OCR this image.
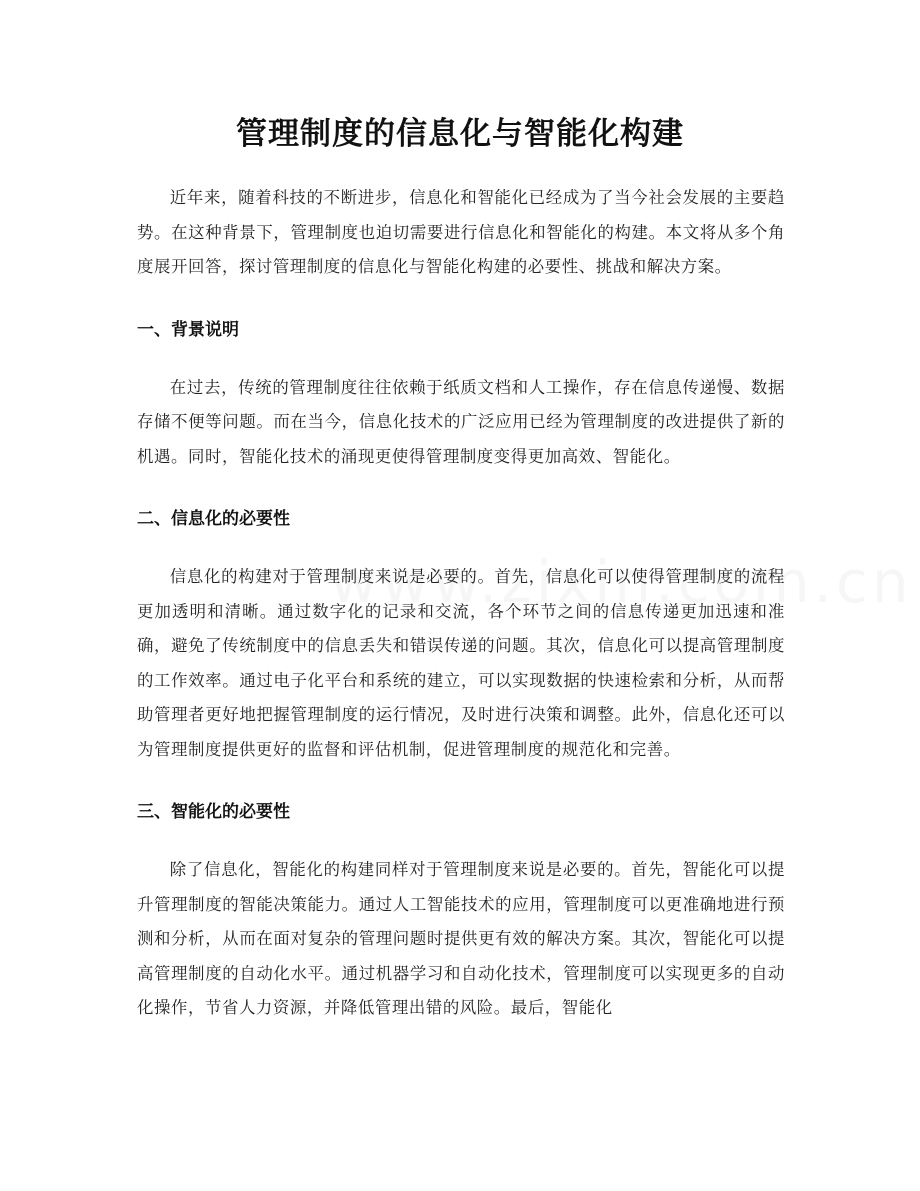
管理制度的信息化与智能化构建

近年来，随着科技的不断进步，信息化和智能化已经成为了当今社会发展的主要趋势。在这种背景下，管理制度也迫切需要进行信息化和智能化的构建。本文将从多个角度展开回答，探讨管理制度的信息化与智能化构建的必要性、挑战和解决方案。

一、背景说明

在过去，传统的管理制度往往依赖于纸质文档和人工操作，存在信息传递慢、数据存储不便等问题。而在当今，信息化技术的广泛应用已经为管理制度的改进提供了新的机遇。同时，智能化技术的涌现更使得管理制度变得更加高效、智能化。

二、信息化的必要性

信息化的构建对于管理制度来说是必要的。首先，信息化可以使得管理制度的流程更加透明和清晰。通过数字化的记录和交流，各个环节之间的信息传递更加迅速和准确，避免了传统制度中的信息丢失和错误传递的问题。其次，信息化可以提高管理制度的工作效率。通过电子化平台和系统的建立，可以实现数据的快速检索和分析，从而帮助管理者更好地把握管理制度的运行情况，及时进行决策和调整。此外，信息化还可以为管理制度提供更好的监督和评估机制，促进管理制度的规范化和完善。

三、智能化的必要性

除了信息化，智能化的构建同样对于管理制度来说是必要的。首先，智能化可以提升管理制度的智能决策能力。通过人工智能技术的应用，管理制度可以更准确地进行预测和分析，从而在面对复杂的管理问题时提供更有效的解决方案。其次，智能化可以提高管理制度的自动化水平。通过机器学习和自动化技术，管理制度可以实现更多的自动化操作，节省人力资源，并降低管理出错的风险。最后，智能化
